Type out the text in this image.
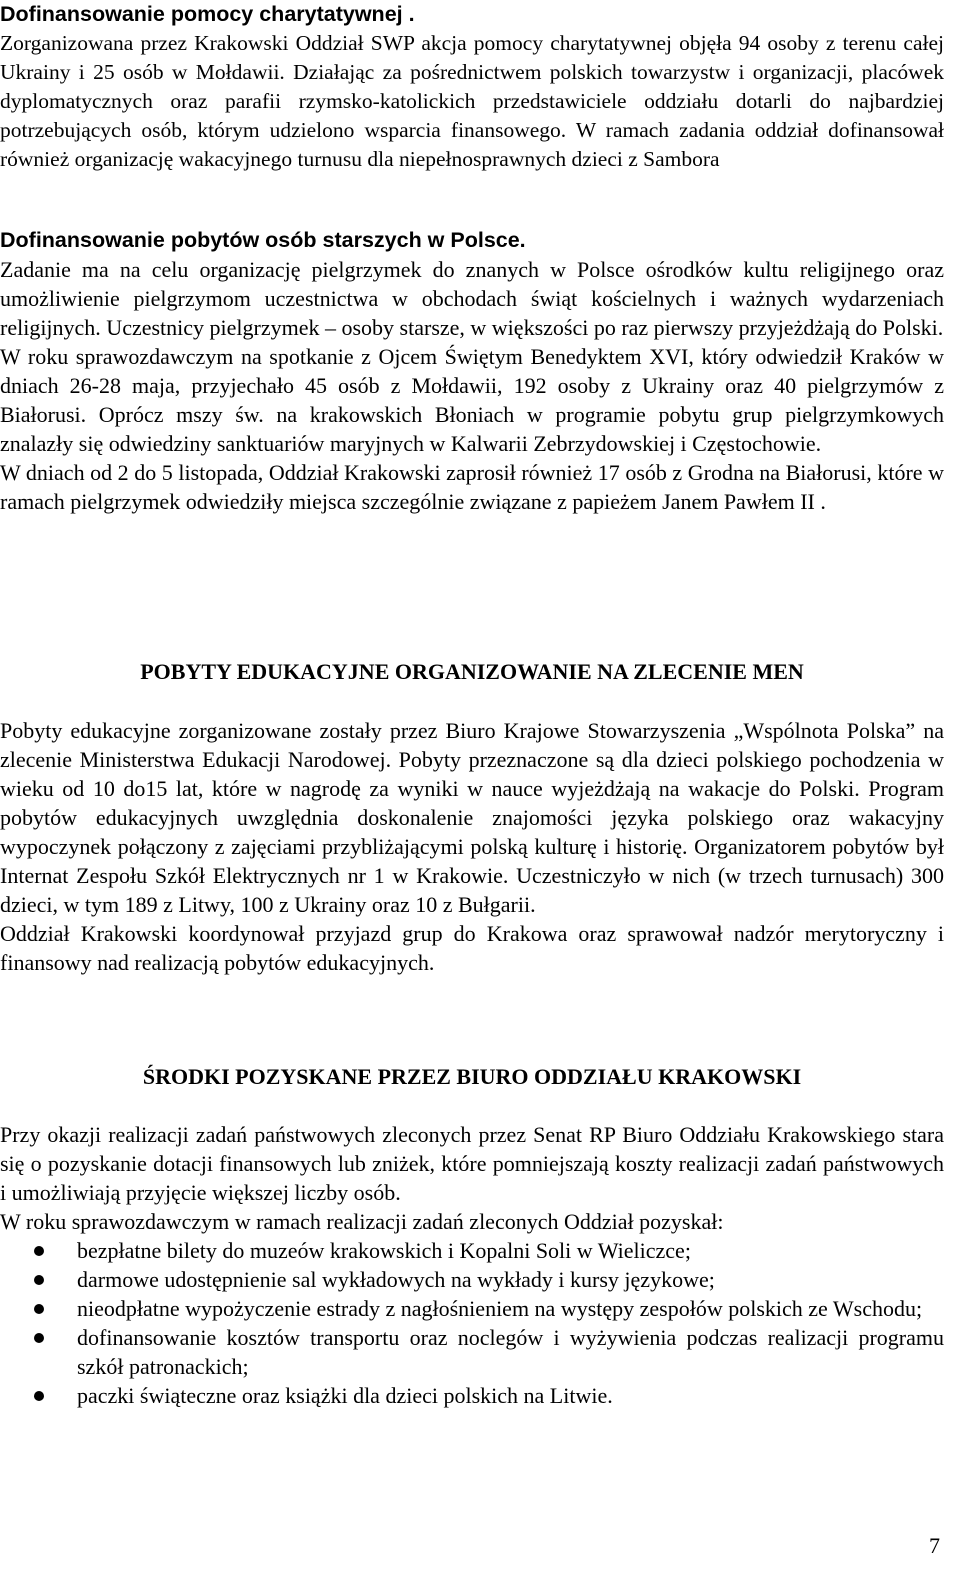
Dofinansowanie pomocy charytatywnej .
Zorganizowana przez Krakowski Oddział SWP akcja pomocy charytatywnej objęła 94 osoby z terenu całej Ukrainy i 25 osób w Mołdawii. Działając za pośrednictwem polskich towarzystw i organizacji, placówek dyplomatycznych oraz parafii rzymsko-katolickich przedstawiciele oddziału dotarli do najbardziej potrzebujących osób, którym udzielono wsparcia finansowego. W ramach zadania oddział dofinansował również organizację wakacyjnego turnusu dla niepełnosprawnych dzieci z Sambora
Dofinansowanie pobytów osób starszych w Polsce.
Zadanie ma na celu organizację pielgrzymek do znanych w Polsce ośrodków kultu religijnego oraz umożliwienie pielgrzymom uczestnictwa w obchodach świąt kościelnych i ważnych wydarzeniach religijnych. Uczestnicy pielgrzymek – osoby starsze, w większości po raz pierwszy przyjeżdżają do Polski.
W roku sprawozdawczym na spotkanie z Ojcem Świętym Benedyktem XVI, który odwiedził Kraków w dniach 26-28 maja, przyjechało 45 osób z Mołdawii, 192 osoby z Ukrainy oraz 40 pielgrzymów z Białorusi. Oprócz mszy św. na krakowskich Błoniach w programie pobytu grup pielgrzymkowych znalazły się odwiedziny sanktuariów maryjnych w Kalwarii Zebrzydowskiej i Częstochowie.
W dniach od 2 do 5 listopada, Oddział Krakowski zaprosił również 17 osób z Grodna na Białorusi, które w ramach pielgrzymek odwiedziły miejsca szczególnie związane z papieżem Janem Pawłem II .
POBYTY EDUKACYJNE ORGANIZOWANIE NA ZLECENIE MEN
Pobyty edukacyjne zorganizowane zostały przez Biuro Krajowe Stowarzyszenia „Wspólnota Polska” na zlecenie Ministerstwa Edukacji Narodowej. Pobyty przeznaczone są dla dzieci polskiego pochodzenia w wieku od 10 do15 lat, które w nagrodę za wyniki w nauce wyjeżdżają na wakacje do Polski. Program pobytów edukacyjnych uwzględnia doskonalenie znajomości języka polskiego oraz wakacyjny wypoczynek połączony z zajęciami przybliżającymi polską kulturę i historię. Organizatorem pobytów był Internat Zespołu Szkół Elektrycznych nr 1 w Krakowie. Uczestniczyło w nich (w trzech turnusach) 300 dzieci, w tym 189 z Litwy, 100 z Ukrainy oraz 10 z Bułgarii.
Oddział Krakowski koordynował przyjazd grup do Krakowa oraz sprawował nadzór merytoryczny i finansowy nad realizacją pobytów edukacyjnych.
ŚRODKI POZYSKANE PRZEZ BIURO ODDZIAŁU KRAKOWSKI
Przy okazji realizacji zadań państwowych zleconych przez Senat RP Biuro Oddziału Krakowskiego stara się o pozyskanie dotacji finansowych lub zniżek, które pomniejszają koszty realizacji zadań państwowych i umożliwiają przyjęcie większej liczby osób.
W roku sprawozdawczym w ramach realizacji zadań zleconych Oddział pozyskał:
bezpłatne bilety do muzeów krakowskich i Kopalni Soli w Wieliczce;
darmowe udostępnienie sal wykładowych na wykłady i kursy językowe;
nieodpłatne wypożyczenie estrady z nagłośnieniem na występy zespołów polskich ze Wschodu;
dofinansowanie kosztów transportu oraz noclegów i wyżywienia podczas realizacji programu szkół patronackich;
paczki świąteczne oraz książki dla dzieci polskich na Litwie.
7
